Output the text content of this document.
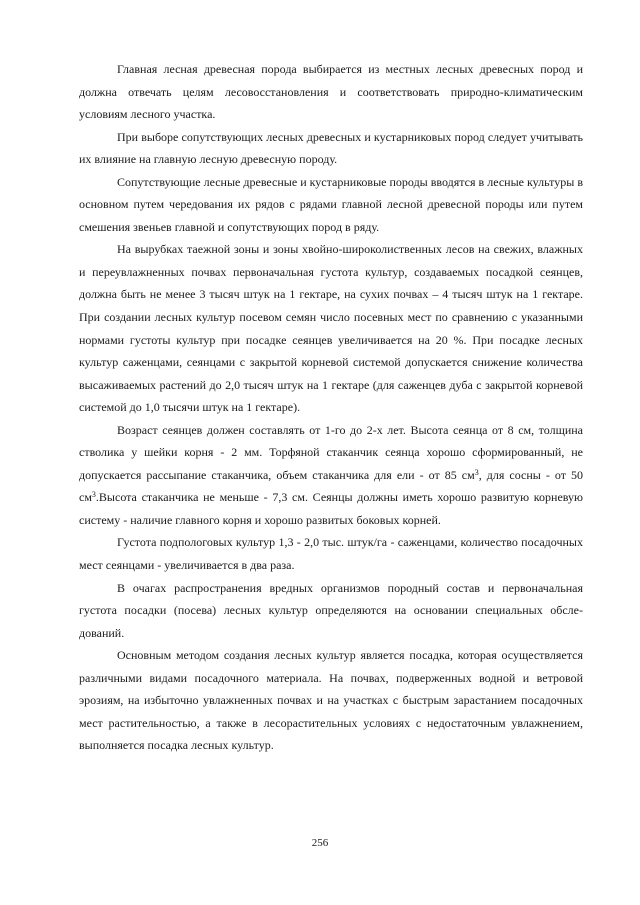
Главная лесная древесная порода выбирается из местных лесных древесных пород и должна отвечать целям лесовосстановления и соответствовать природно-климатическим условиям лесного участка.

При выборе сопутствующих лесных древесных и кустарниковых пород следует учитывать их влияние на главную лесную древесную породу.

Сопутствующие лесные древесные и кустарниковые породы вводятся в лесные культуры в основном путем чередования их рядов с рядами главной лесной древесной породы или путем смешения звеньев главной и сопутствующих пород в ряду.

На вырубках таежной зоны и зоны хвойно-широколиственных лесов на свежих, влажных и переувлажненных почвах первоначальная густота культур, создаваемых посадкой сеянцев, должна быть не менее 3 тысяч штук на 1 гектаре, на сухих почвах – 4 тысяч штук на 1 гектаре. При создании лесных культур посевом семян число посевных мест по сравнению с указанными нормами густоты культур при посадке сеянцев увеличивается на 20 %. При посадке лесных культур саженцами, сеянцами с закрытой корневой системой допускается снижение количества высаживаемых растений до 2,0 тысяч штук на 1 гектаре (для саженцев дуба с закрытой корневой системой до 1,0 тысячи штук на 1 гектаре).

Возраст сеянцев должен составлять от 1-го до 2-х лет. Высота сеянца от 8 см, толщина стволика у шейки корня - 2 мм. Торфяной стаканчик сеянца хорошо сформированный, не допускается рассыпание стаканчика, объем стаканчика для ели - от 85 $см^3$, для сосны - от 50 $см^3.Высота$ стаканчика не меньше - 7,3 см. Сеянцы должны иметь хорошо развитую корневую систему - наличие главного корня и хорошо развитых боковых корней.

Густота подпологовых культур 1,3 - 2,0 тыс. штук/га - саженцами, количество посадочных мест сеянцами - увеличивается в два раза.

В очагах распространения вредных организмов породный состав и первоначальная густота посадки (посева) лесных культур определяются на основании специальных обследований.

Основным методом создания лесных культур является посадка, которая осуществляется различными видами посадочного материала. На почвах, подверженных водной и ветровой эрозиям, на избыточно увлажненных почвах и на участках с быстрым зарастанием посадочных мест растительностью, а также в лесорастительных условиях с недостаточным увлажнением, выполняется посадка лесных культур.

256
